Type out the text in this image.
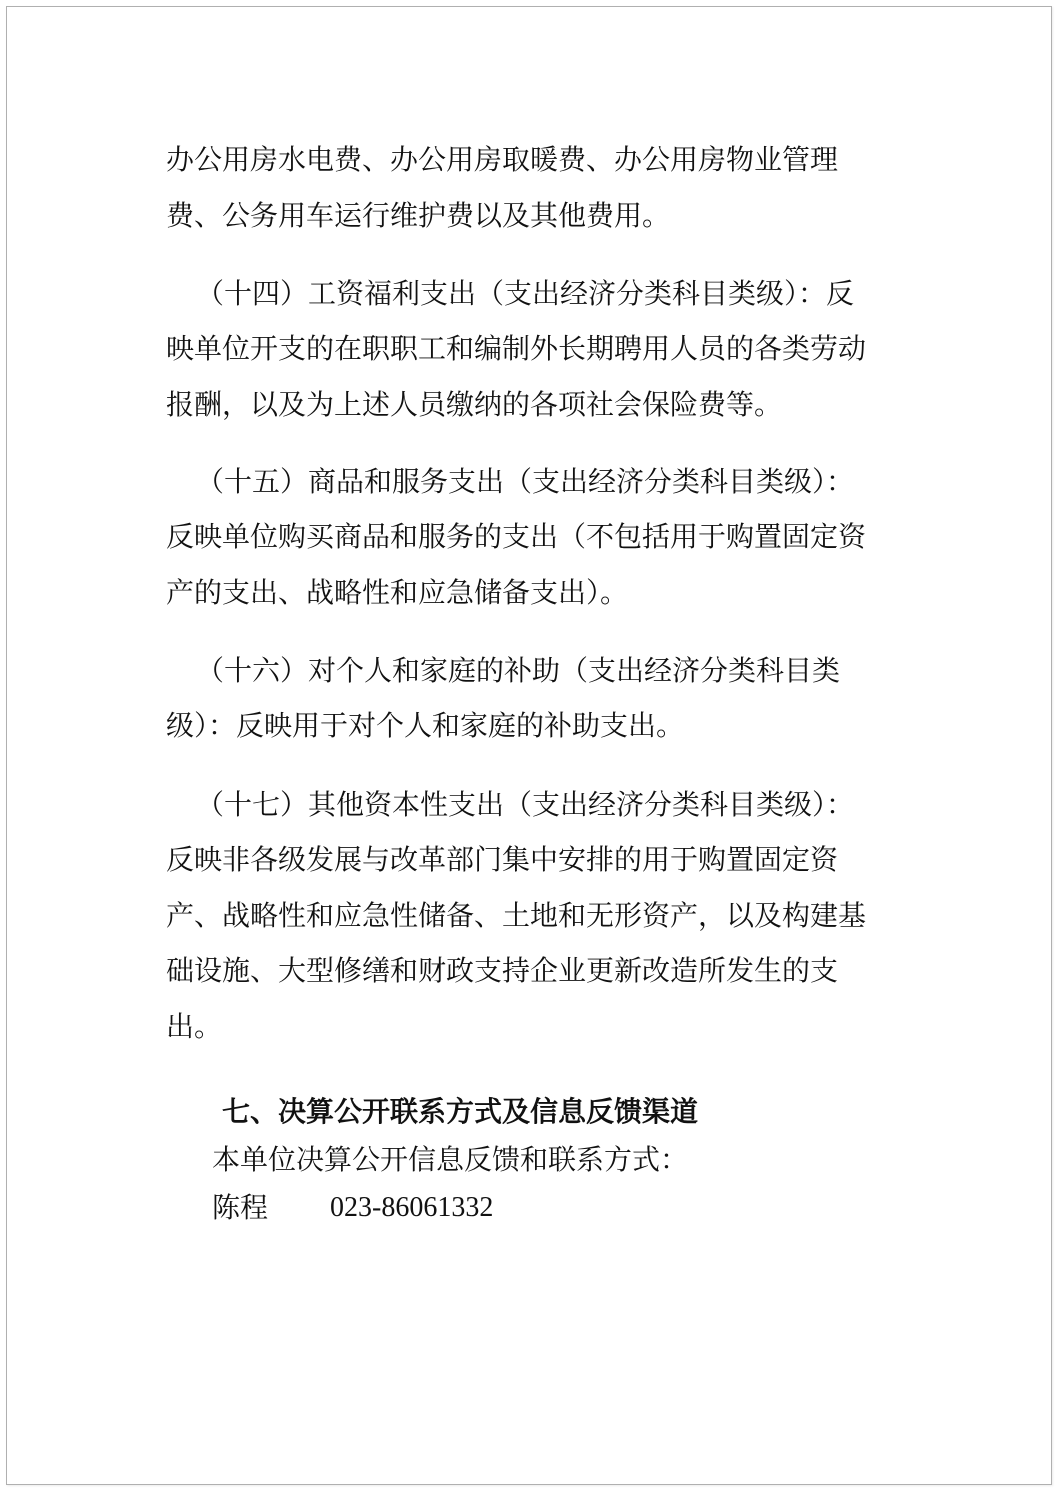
办公用房水电费、办公用房取暖费、办公用房物业管理
费、公务用车运行维护费以及其他费用。
（十四）工资福利支出（支出经济分类科目类级）：反
映单位开支的在职职工和编制外长期聘用人员的各类劳动
报酬，以及为上述人员缴纳的各项社会保险费等。
（十五）商品和服务支出（支出经济分类科目类级）：
反映单位购买商品和服务的支出（不包括用于购置固定资
产的支出、战略性和应急储备支出）。
（十六）对个人和家庭的补助（支出经济分类科目类
级）：反映用于对个人和家庭的补助支出。
（十七）其他资本性支出（支出经济分类科目类级）：
反映非各级发展与改革部门集中安排的用于购置固定资
产、战略性和应急性储备、土地和无形资产，以及构建基
础设施、大型修缮和财政支持企业更新改造所发生的支
出。
七、决算公开联系方式及信息反馈渠道
本单位决算公开信息反馈和联系方式：
陈程 023-86061332
